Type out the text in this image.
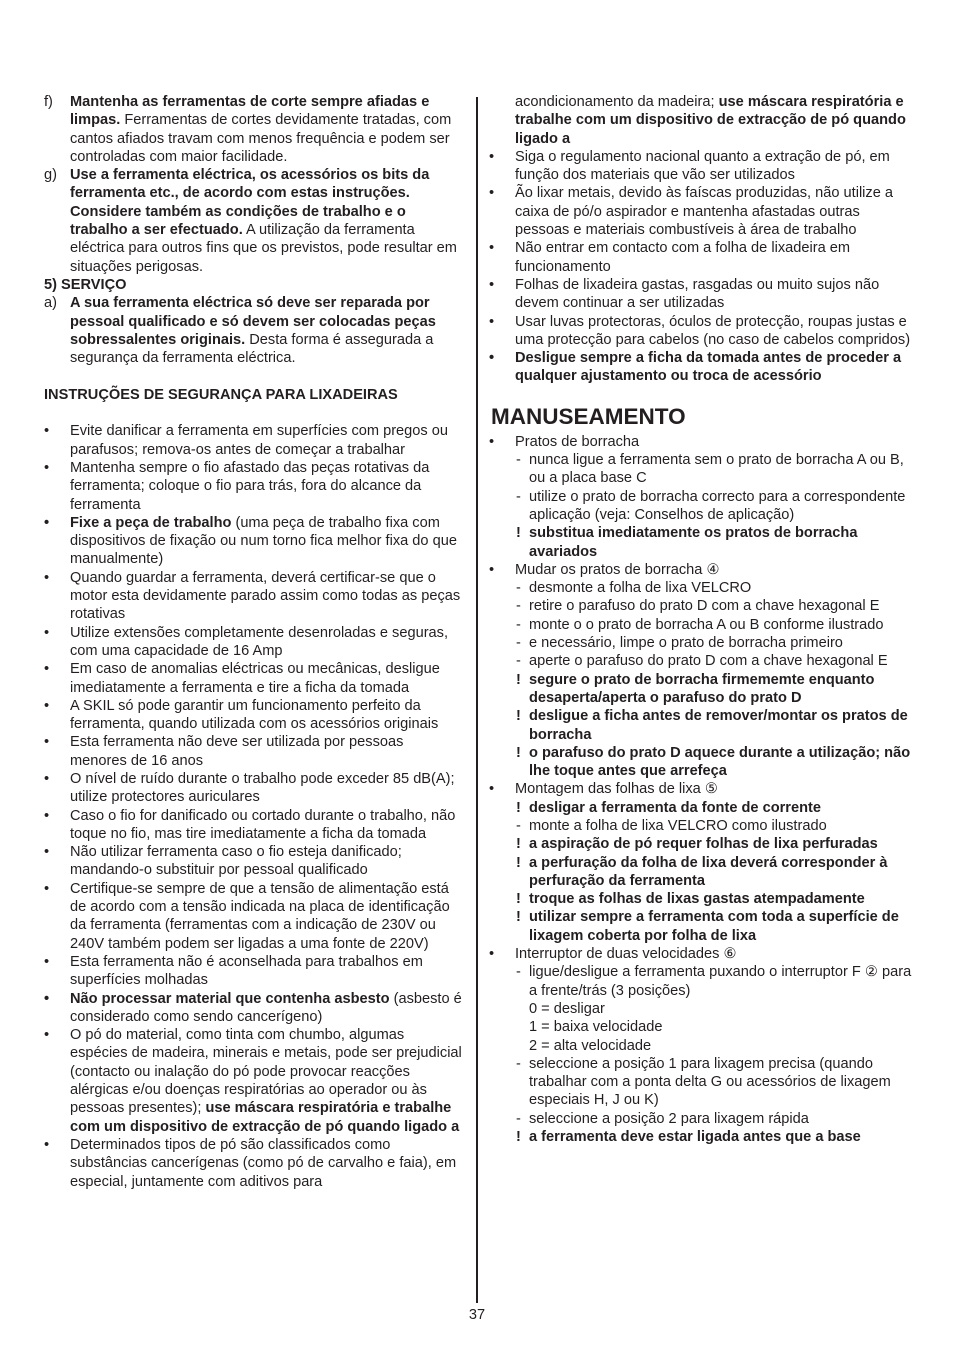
f) Mantenha as ferramentas de corte sempre afiadas e limpas. Ferramentas de cortes devidamente tratadas, com cantos afiados travam com menos frequência e podem ser controladas com maior facilidade.
g) Use a ferramenta eléctrica, os acessórios os bits da ferramenta etc., de acordo com estas instruções. Considere também as condições de trabalho e o trabalho a ser efectuado. A utilização da ferramenta eléctrica para outros fins que os previstos, pode resultar em situações perigosas.
5) SERVIÇO
a) A sua ferramenta eléctrica só deve ser reparada por pessoal qualificado e só devem ser colocadas peças sobressalentes originais. Desta forma é assegurada a segurança da ferramenta eléctrica.
INSTRUÇÕES DE SEGURANÇA PARA LIXADEIRAS
• Evite danificar a ferramenta em superfícies com pregos ou parafusos; remova-os antes de começar a trabalhar
• Mantenha sempre o fio afastado das peças rotativas da ferramenta; coloque o fio para trás, fora do alcance da ferramenta
• Fixe a peça de trabalho (uma peça de trabalho fixa com dispositivos de fixação ou num torno fica melhor fixa do que manualmente)
• Quando guardar a ferramenta, deverá certificar-se que o motor esta devidamente parado assim como todas as peças rotativas
• Utilize extensões completamente desenroladas e seguras, com uma capacidade de 16 Amp
• Em caso de anomalias eléctricas ou mecânicas, desligue imediatamente a ferramenta e tire a ficha da tomada
• A SKIL só pode garantir um funcionamento perfeito da ferramenta, quando utilizada com os acessórios originais
• Esta ferramenta não deve ser utilizada por pessoas menores de 16 anos
• O nível de ruído durante o trabalho pode exceder 85 dB(A); utilize protectores auriculares
• Caso o fio for danificado ou cortado durante o trabalho, não toque no fio, mas tire imediatamente a ficha da tomada
• Não utilizar ferramenta caso o fio esteja danificado; mandando-o substituir por pessoal qualificado
• Certifique-se sempre de que a tensão de alimentação está de acordo com a tensão indicada na placa de identificação da ferramenta (ferramentas com a indicação de 230V ou 240V também podem ser ligadas a uma fonte de 220V)
• Esta ferramenta não é aconselhada para trabalhos em superfícies molhadas
• Não processar material que contenha asbesto (asbesto é considerado como sendo cancerígeno)
• O pó do material, como tinta com chumbo, algumas espécies de madeira, minerais e metais, pode ser prejudicial (contacto ou inalação do pó pode provocar reacções alérgicas e/ou doenças respiratórias ao operador ou às pessoas presentes); use máscara respiratória e trabalhe com um dispositivo de extracção de pó quando ligado a
• Determinados tipos de pó são classificados como substâncias cancerígenas (como pó de carvalho e faia), em especial, juntamente com aditivos para
acondicionamento da madeira; use máscara respiratória e trabalhe com um dispositivo de extracção de pó quando ligado a
• Siga o regulamento nacional quanto a extração de pó, em função dos materiais que vão ser utilizados
• Ão lixar metais, devido às faíscas produzidas, não utilize a caixa de pó/o aspirador e mantenha afastadas outras pessoas e materiais combustíveis à área de trabalho
• Não entrar em contacto com a folha de lixadeira em funcionamento
• Folhas de lixadeira gastas, rasgadas ou muito sujos não devem continuar a ser utilizadas
• Usar luvas protectoras, óculos de protecção, roupas justas e uma protecção para cabelos (no caso de cabelos compridos)
• Desligue sempre a ficha da tomada antes de proceder a qualquer ajustamento ou troca de acessório
MANUSEAMENTO
• Pratos de borracha
- nunca ligue a ferramenta sem o prato de borracha A ou B, ou a placa base C
- utilize o prato de borracha correcto para a correspondente aplicação (veja: Conselhos de aplicação)
! substitua imediatamente os pratos de borracha avariados
• Mudar os pratos de borracha ④
- desmonte a folha de lixa VELCRO
- retire o parafuso do prato D com a chave hexagonal E
- monte o o prato de borracha A ou B conforme ilustrado
- e necessário, limpe o prato de borracha primeiro
- aperte o parafuso do prato D com a chave hexagonal E
! segure o prato de borracha firmememte enquanto desaperta/aperta o parafuso do prato D
! desligue a ficha antes de remover/montar os pratos de borracha
! o parafuso do prato D aquece durante a utilização; não lhe toque antes que arrefeça
• Montagem das folhas de lixa ⑤
! desligar a ferramenta da fonte de corrente
- monte a folha de lixa VELCRO como ilustrado
! a aspiração de pó requer folhas de lixa perfuradas
! a perfuração da folha de lixa deverá corresponder à perfuração da ferramenta
! troque as folhas de lixas gastas atempadamente
! utilizar sempre a ferramenta com toda a superfície de lixagem coberta por folha de lixa
• Interruptor de duas velocidades ⑥
- ligue/desligue a ferramenta puxando o interruptor F ② para a frente/trás (3 posições)
0 = desligar
1 = baixa velocidade
2 = alta velocidade
- seleccione a posição 1 para lixagem precisa (quando trabalhar com a ponta delta G ou acessórios de lixagem especiais H, J ou K)
- seleccione a posição 2 para lixagem rápida
! a ferramenta deve estar ligada antes que a base
37
